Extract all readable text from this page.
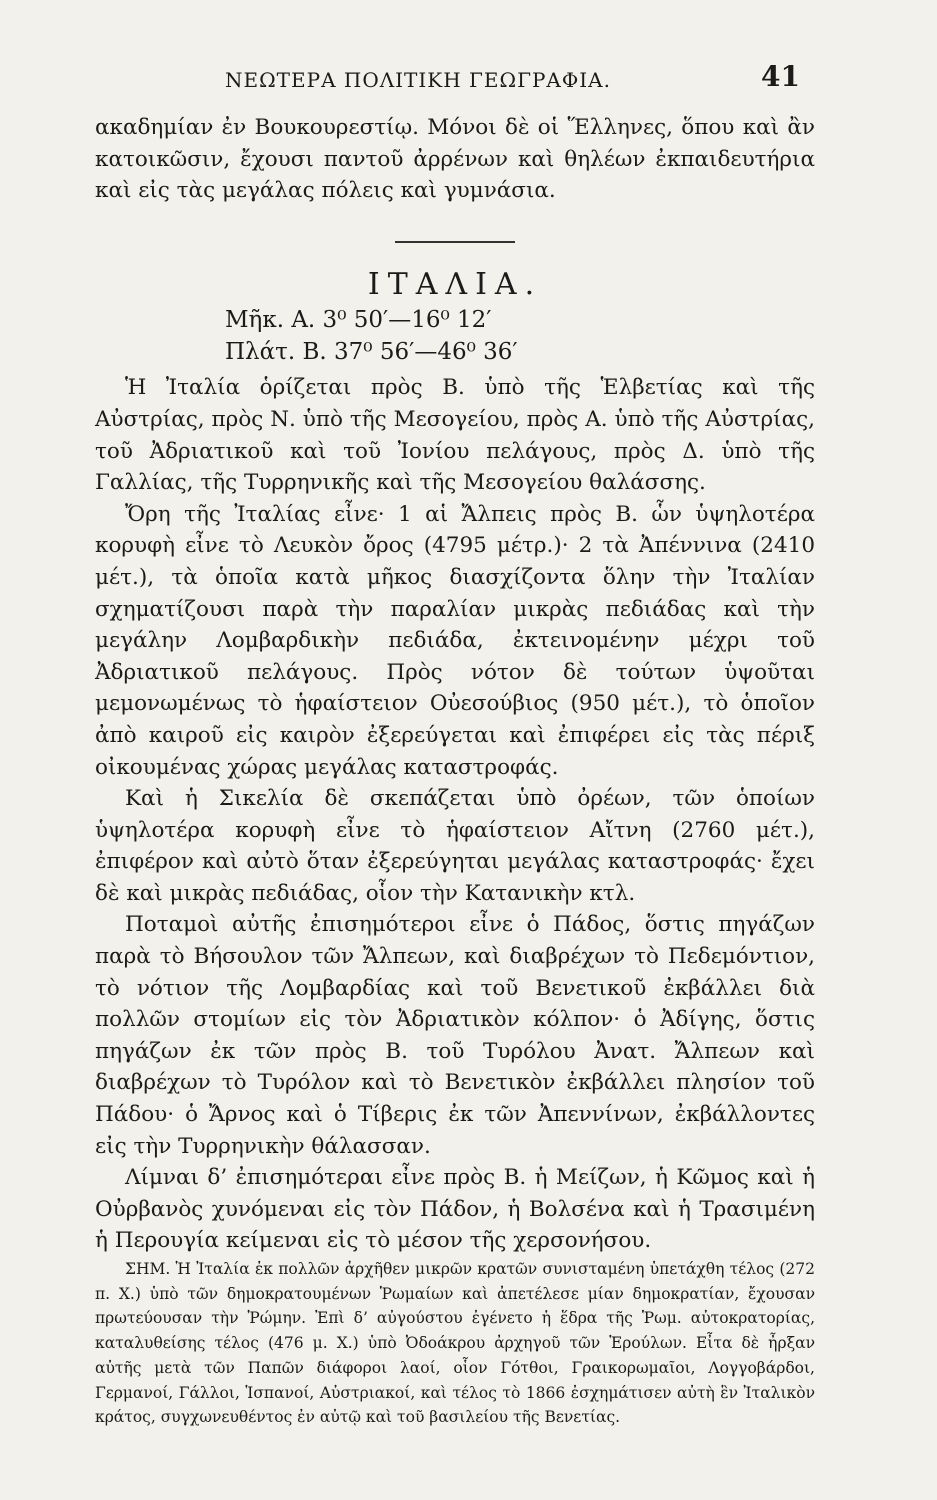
ΝΕΩΤΕΡΑ ΠΟΛΙΤΙΚΗ ΓΕΩΓΡΑΦΙΑ.	41

ακαδημίαν ἐν Βουκουρεστίῳ. Μόνοι δὲ οἱ Ἕλληνες, ὅπου καὶ ἂν κατοικῶσιν, ἔχουσι παντοῦ ἀρρένων καὶ θηλέων ἐκπαιδευτήρια καὶ εἰς τὰς μεγάλας πόλεις καὶ γυμνάσια.

ΙΤΑΛΙΑ.
Μῆκ. Α. 3⁰ 50′—16⁰ 12′
Πλάτ. Β. 37⁰ 56′—46⁰ 36′

Ἡ Ἰταλία ὁρίζεται πρὸς Β. ὑπὸ τῆς Ἑλβετίας καὶ τῆς Αὐστρίας, πρὸς Ν. ὑπὸ τῆς Μεσογείου, πρὸς Α. ὑπὸ τῆς Αὐστρίας, τοῦ Ἀδριατικοῦ καὶ τοῦ Ἰονίου πελάγους, πρὸς Δ. ὑπὸ τῆς Γαλλίας, τῆς Τυρρηνικῆς καὶ τῆς Μεσογείου θαλάσσης.

Ὄρη τῆς Ἰταλίας εἶνε· 1 αἱ Ἄλπεις πρὸς Β. ὧν ὑψηλοτέρα κορυφὴ εἶνε τὸ Λευκὸν ὄρος (4795 μέτρ.)· 2 τὰ Ἀπέννινα (2410 μέτ.), τὰ ὁποῖα κατὰ μῆκος διασχίζοντα ὅλην τὴν Ἰταλίαν σχηματίζουσι παρὰ τὴν παραλίαν μικρὰς πεδιάδας καὶ τὴν μεγάλην Λομβαρδικὴν πεδιάδα, ἐκτεινομένην μέχρι τοῦ Ἀδριατικοῦ πελάγους. Πρὸς νότον δὲ τούτων ὑψοῦται μεμονωμένως τὸ ἡφαίστειον Οὐεσούβιος (950 μέτ.), τὸ ὁποῖον ἀπὸ καιροῦ εἰς καιρὸν ἐξερεύγεται καὶ ἐπιφέρει εἰς τὰς πέριξ οἰκουμένας χώρας μεγάλας καταστροφάς.

Καὶ ἡ Σικελία δὲ σκεπάζεται ὑπὸ ὀρέων, τῶν ὁποίων ὑψηλοτέρα κορυφὴ εἶνε τὸ ἡφαίστειον Αἴτνη (2760 μέτ.), ἐπιφέρον καὶ αὐτὸ ὅταν ἐξερεύγηται μεγάλας καταστροφάς· ἔχει δὲ καὶ μικρὰς πεδιάδας, οἷον τὴν Κατανικὴν κτλ.

Ποταμοὶ αὐτῆς ἐπισημότεροι εἶνε ὁ Πάδος, ὅστις πηγάζων παρὰ τὸ Βήσουλον τῶν Ἄλπεων, καὶ διαβρέχων τὸ Πεδεμόντιον, τὸ νότιον τῆς Λομβαρδίας καὶ τοῦ Βενετικοῦ ἐκβάλλει διὰ πολλῶν στομίων εἰς τὸν Ἀδριατικὸν κόλπον· ὁ Ἀδίγης, ὅστις πηγάζων ἐκ τῶν πρὸς Β. τοῦ Τυρόλου Ἀνατ. Ἄλπεων καὶ διαβρέχων τὸ Τυρόλον καὶ τὸ Βενετικὸν ἐκβάλλει πλησίον τοῦ Πάδου· ὁ Ἄρνος καὶ ὁ Τίβερις ἐκ τῶν Ἀπεννίνων, ἐκβάλλοντες εἰς τὴν Τυρρηνικὴν θάλασσαν.

Λίμναι δ’ ἐπισημότεραι εἶνε πρὸς Β. ἡ Μείζων, ἡ Κῶμος καὶ ἡ Οὐρβανὸς χυνόμεναι εἰς τὸν Πάδον, ἡ Βολσένα καὶ ἡ Τρασιμένη ἡ Περουγία κείμεναι εἰς τὸ μέσον τῆς χερσονήσου.

ΣΗΜ. Ἡ Ἰταλία ἐκ πολλῶν ἀρχῆθεν μικρῶν κρατῶν συνισταμένη ὑπετάχθη τέλος (272 π. Χ.) ὑπὸ τῶν δημοκρατουμένων Ῥωμαίων καὶ ἀπετέλεσε μίαν δημοκρατίαν, ἔχουσαν πρωτεύουσαν τὴν Ῥώμην. Ἐπὶ δ’ αὐγούστου ἐγένετο ἡ ἕδρα τῆς Ῥωμ. αὐτοκρατορίας, καταλυθείσης τέλος (476 μ. Χ.) ὑπὸ Ὀδοάκρου ἀρχηγοῦ τῶν Ἑρούλων. Εἶτα δὲ ἦρξαν αὐτῆς μετὰ τῶν Παπῶν διάφοροι λαοί, οἷον Γότθοι, Γραικορωμαῖοι, Λογγοβάρδοι, Γερμανοί, Γάλλοι, Ἱσπανοί, Αὐστριακοί, καὶ τέλος τὸ 1866 ἐσχημάτισεν αὐτὴ ἓν Ἰταλικὸν κράτος, συγχωνευθέντος ἐν αὐτῷ καὶ τοῦ βασιλείου τῆς Βενετίας.
